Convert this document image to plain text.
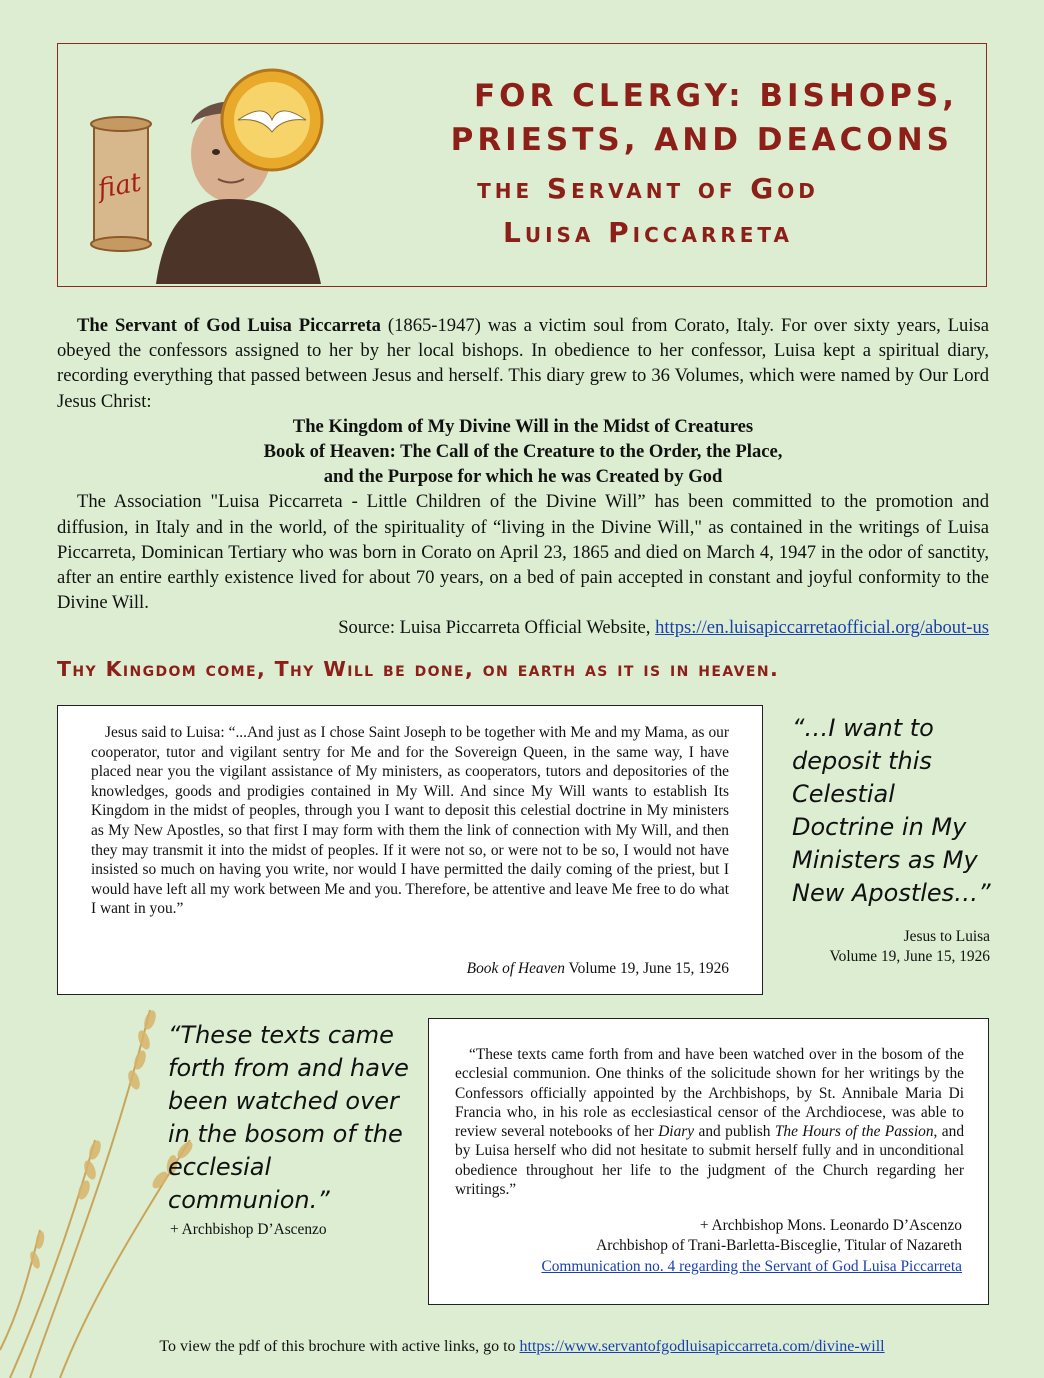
fiat
FOR CLERGY: BISHOPS,
PRIESTS, AND DEACONS
the Servant of God
Luisa Piccarreta

The Servant of God Luisa Piccarreta (1865-1947) was a victim soul from Corato, Italy. For over sixty years, Luisa obeyed the confessors assigned to her by her local bishops. In obedience to her confessor, Luisa kept a spiritual diary, recording everything that passed between Jesus and herself. This diary grew to 36 Volumes, which were named by Our Lord Jesus Christ:

The Kingdom of My Divine Will in the Midst of Creatures

Book of Heaven: The Call of the Creature to the Order, the Place,

and the Purpose for which he was Created by God

The Association "Luisa Piccarreta - Little Children of the Divine Will” has been committed to the promotion and diffusion, in Italy and in the world, of the spirituality of “living in the Divine Will," as contained in the writings of Luisa Piccarreta, Dominican Tertiary who was born in Corato on April 23, 1865 and died on March 4, 1947 in the odor of sanctity, after an entire earthly existence lived for about 70 years, on a bed of pain accepted in constant and joyful conformity to the Divine Will.

Source: Luisa Piccarreta Official Website, https://en.luisapiccarretaofficial.org/about-us

Thy Kingdom come, Thy Will be done, on earth as it is in heaven.
Jesus said to Luisa: “...And just as I chose Saint Joseph to be together with Me and my Mama, as our cooperator, tutor and vigilant sentry for Me and for the Sovereign Queen, in the same way, I have placed near you the vigilant assistance of My ministers, as cooperators, tutors and depositories of the knowledges, goods and prodigies contained in My Will. And since My Will wants to establish Its Kingdom in the midst of peoples, through you I want to deposit this celestial doctrine in My ministers as My New Apostles, so that first I may form with them the link of connection with My Will, and then they may transmit it into the midst of peoples. If it were not so, or were not to be so, I would not have insisted so much on having you write, nor would I have permitted the daily coming of the priest, but I would have left all my work between Me and you. Therefore, be attentive and leave Me free to do what I want in you.”
Book of Heaven Volume 19, June 15, 1926
“…I want to deposit this Celestial Doctrine in My Ministers as My New Apostles…”
Jesus to Luisa
Volume 19, June 15, 1926
“These texts came forth from and have been watched over in the bosom of the ecclesial communion.”
+ Archbishop D’Ascenzo
“These texts came forth from and have been watched over in the bosom of the ecclesial communion. One thinks of the solicitude shown for her writings by the Confessors officially appointed by the Archbishops, by St. Annibale Maria Di Francia who, in his role as ecclesiastical censor of the Archdiocese, was able to review several notebooks of her Diary and publish The Hours of the Passion, and by Luisa herself who did not hesitate to submit herself fully and in unconditional obedience throughout her life to the judgment of the Church regarding her writings.”
+ Archbishop Mons. Leonardo D’Ascenzo
Archbishop of Trani-Barletta-Bisceglie, Titular of Nazareth
Communication no. 4 regarding the Servant of God Luisa Piccarreta
To view the pdf of this brochure with active links, go to https://www.servantofgodluisapiccarreta.com/divine-will
